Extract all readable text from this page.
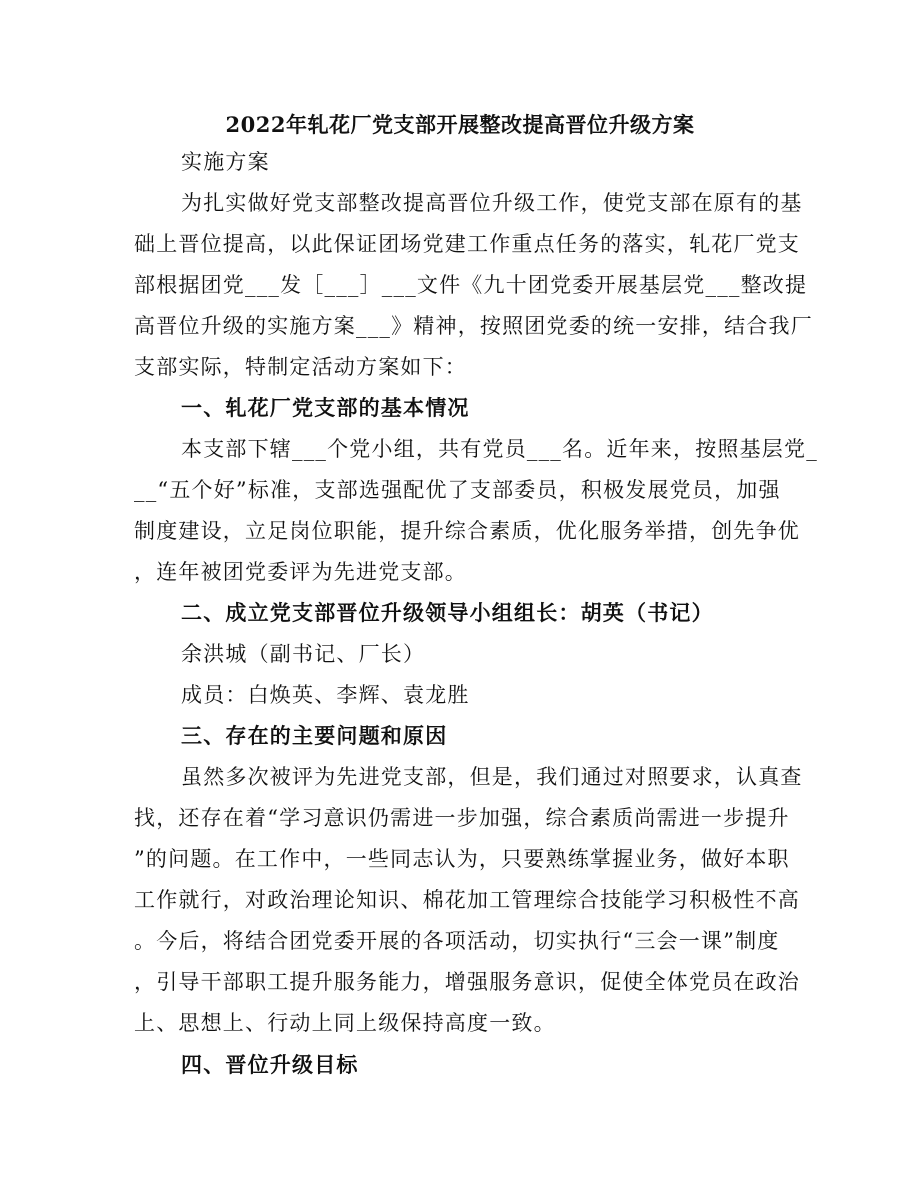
2022年轧花厂党支部开展整改提高晋位升级方案
实施方案
为扎实做好党支部整改提高晋位升级工作，使党支部在原有的基
础上晋位提高，以此保证团场党建工作重点任务的落实，轧花厂党支
部根据团党___发［___］___文件《九十团党委开展基层党___整改提
高晋位升级的实施方案___》精神，按照团党委的统一安排，结合我厂
支部实际，特制定活动方案如下：
一、轧花厂党支部的基本情况
本支部下辖___个党小组，共有党员___名。近年来，按照基层党_
__“五个好”标准，支部选强配优了支部委员，积极发展党员，加强
制度建设，立足岗位职能，提升综合素质，优化服务举措，创先争优
，连年被团党委评为先进党支部。
二、成立党支部晋位升级领导小组组长：胡英（书记）
余洪城（副书记、厂长）
成员：白焕英、李辉、袁龙胜
三、存在的主要问题和原因
虽然多次被评为先进党支部，但是，我们通过对照要求，认真查
找，还存在着“学习意识仍需进一步加强，综合素质尚需进一步提升
”的问题。在工作中，一些同志认为，只要熟练掌握业务，做好本职
工作就行，对政治理论知识、棉花加工管理综合技能学习积极性不高
。今后，将结合团党委开展的各项活动，切实执行“三会一课”制度
，引导干部职工提升服务能力，增强服务意识，促使全体党员在政治
上、思想上、行动上同上级保持高度一致。
四、晋位升级目标
